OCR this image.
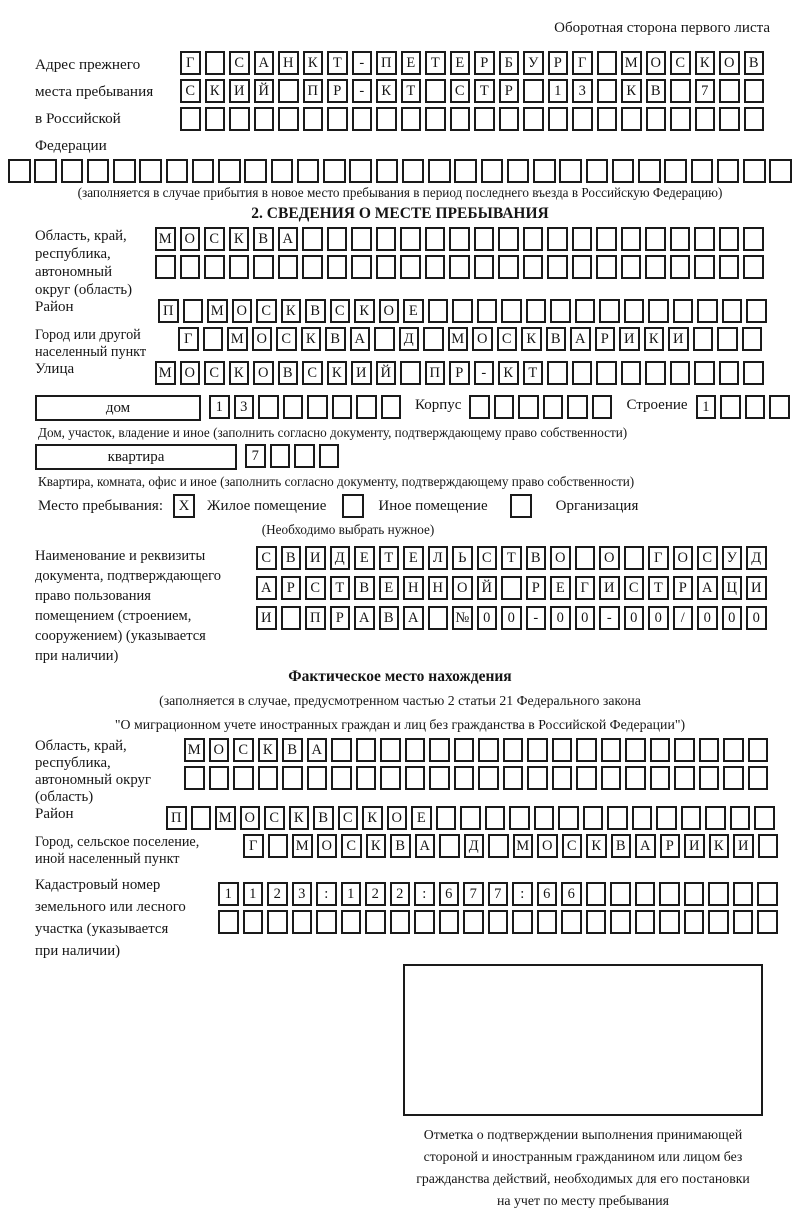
Оборотная сторона первого листа
Адрес прежнего
места пребывания
в Российской
Федерации
Г	С А Н К	Т	-	П	Е	Т	Е	Р	Б	У	Р	Г	М О С	К О В
С	К И Й	П	Р	-	К	Т	С	Т	Р	1	3	К	В	7
(заполняется в случае прибытия в новое место пребывания в период последнего въезда в Российскую Федерацию)
2. СВЕДЕНИЯ О МЕСТЕ ПРЕБЫВАНИЯ
Область, край,
республика,
автономный
округ (область)
М О С	К	В А
Район	П	М О С	К	В	С	К О	Е
Город или другой
населенный пункт
Г	М О С	К	В А	Д	М О С	К	В А	Р	И К И
Улица	М О С	К О В	С	К И Й	П	Р	-	К	Т
дом	1	3	Корпус	Строение	1
Дом, участок, владение и иное (заполнить согласно документу, подтверждающему право собственности)
квартира	7
Квартира, комната, офис и иное (заполнить согласно документу, подтверждающему право собственности)
Место пребывания:	X	Жилое помещение	Иное помещение	Организация
(Необходимо выбрать нужное)
Наименование и реквизиты
документа, подтверждающего
право пользования
помещением (строением,
сооружением) (указывается
при наличии)
С	В И Д	Е	Т	Е	Л	Ь	С	Т	В О	О	Г	О С	У Д
А	Р	С	Т	В	Е	Н Н О Й	Р	Е	Г	И С	Т	Р	А Ц И
И	П	Р	А В А	№ 0	0	-	0	0	-	0	0	/	0	0	0
Фактическое место нахождения
(заполняется в случае, предусмотренном частью 2 статьи 21 Федерального закона
"О миграционном учете иностранных граждан и лиц без гражданства в Российской Федерации")
Область, край,
республика,
автономный округ
(область)
М О С	К	В А
Район	П	М О С	К	В	С	К О	Е
Город, сельское поселение,
иной населенный пункт
Г	М О С	К	В А	Д	М О С	К	В А	Р	И К И
Кадастровый номер
земельного или лесного
участка (указывается
при наличии)
1	1	2	3	:	1	2	2	:	6	7	7	:	6	6
Отметка о подтверждении выполнения принимающей
стороной и иностранным гражданином или лицом без
гражданства действий, необходимых для его постановки
на учет по месту пребывания
